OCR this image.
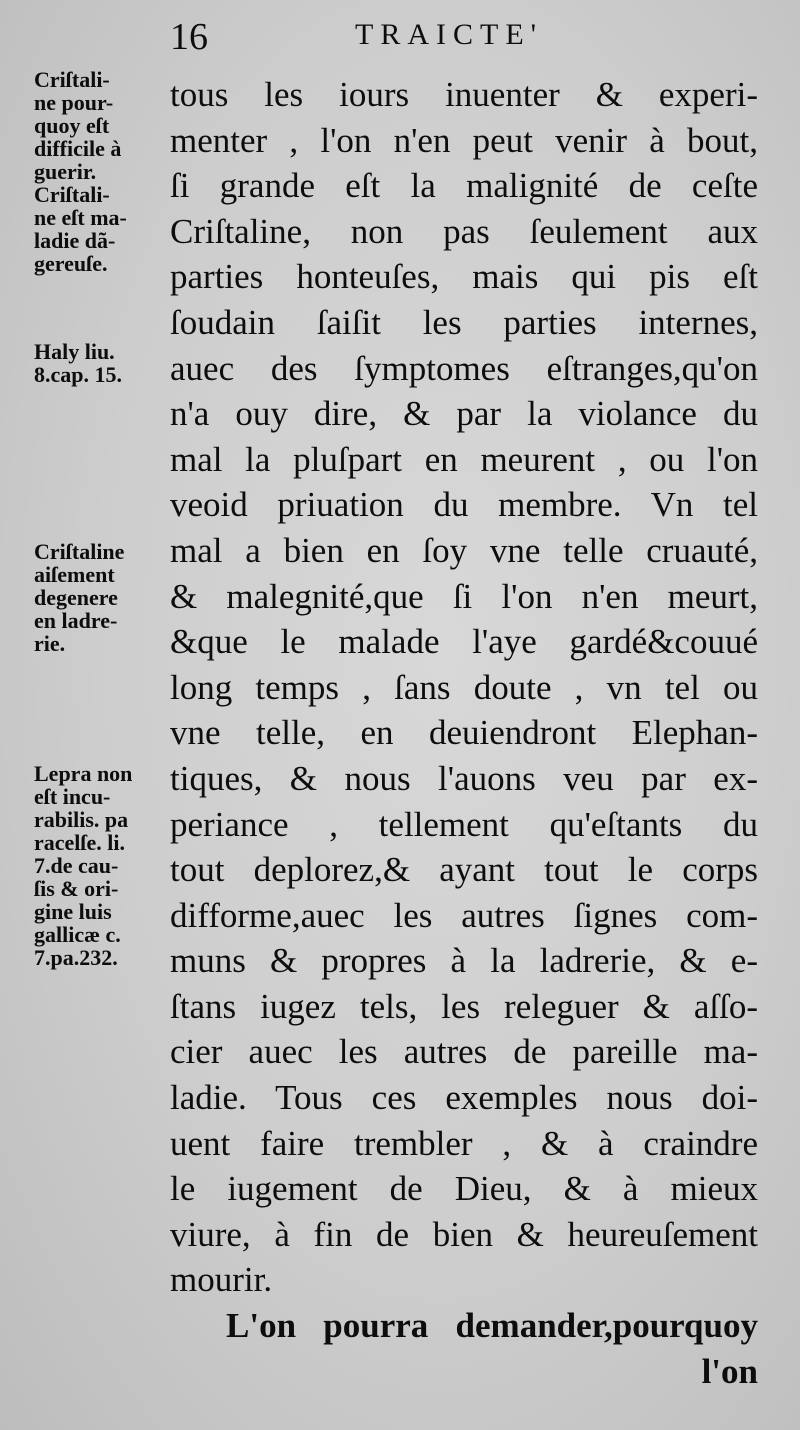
16	TRAICTE'
Criſtali-
ne pour-
quoy eſt
difficile à
guerir.
Criſtali-
ne eſt ma-
ladie dã-
gereuſe.
Haly liu.
8.cap. 15.
Criſtaline
aiſement
degenere
en ladre-
rie.
Lepra non
eſt incu-
rabilis. pa
racelſe. li.
7.de cau-
ſis & ori-
gine luis
gallicæ c.
7.pa.232.
tous les iours inuenter & experi-
menter , l'on n'en peut venir à bout,
ſi grande eſt la malignité de ceſte
Criſtaline, non pas ſeulement aux
parties honteuſes, mais qui pis eſt
ſoudain ſaiſit les parties internes,
auec des ſymptomes eſtranges,qu'on
n'a ouy dire, & par la violance du
mal la pluſpart en meurent , ou l'on
veoid priuation du membre. Vn tel
mal a bien en ſoy vne telle cruauté,
& malegnité,que ſi l'on n'en meurt,
&que le malade l'aye gardé&couué
long temps , ſans doute , vn tel ou
vne telle, en deuiendront Elephan-
tiques, & nous l'auons veu par ex-
periance , tellement qu'eſtants du
tout deplorez,& ayant tout le corps
difforme,auec les autres ſignes com-
muns & propres à la ladrerie, & e-
ſtans iugez tels, les releguer & aſſo-
cier auec les autres de pareille ma-
ladie. Tous ces exemples nous doi-
uent faire trembler , & à craindre
le iugement de Dieu, & à mieux
viure, à fin de bien & heureuſement
mourir.
L'on pourra demander,pourquoy
l'on
